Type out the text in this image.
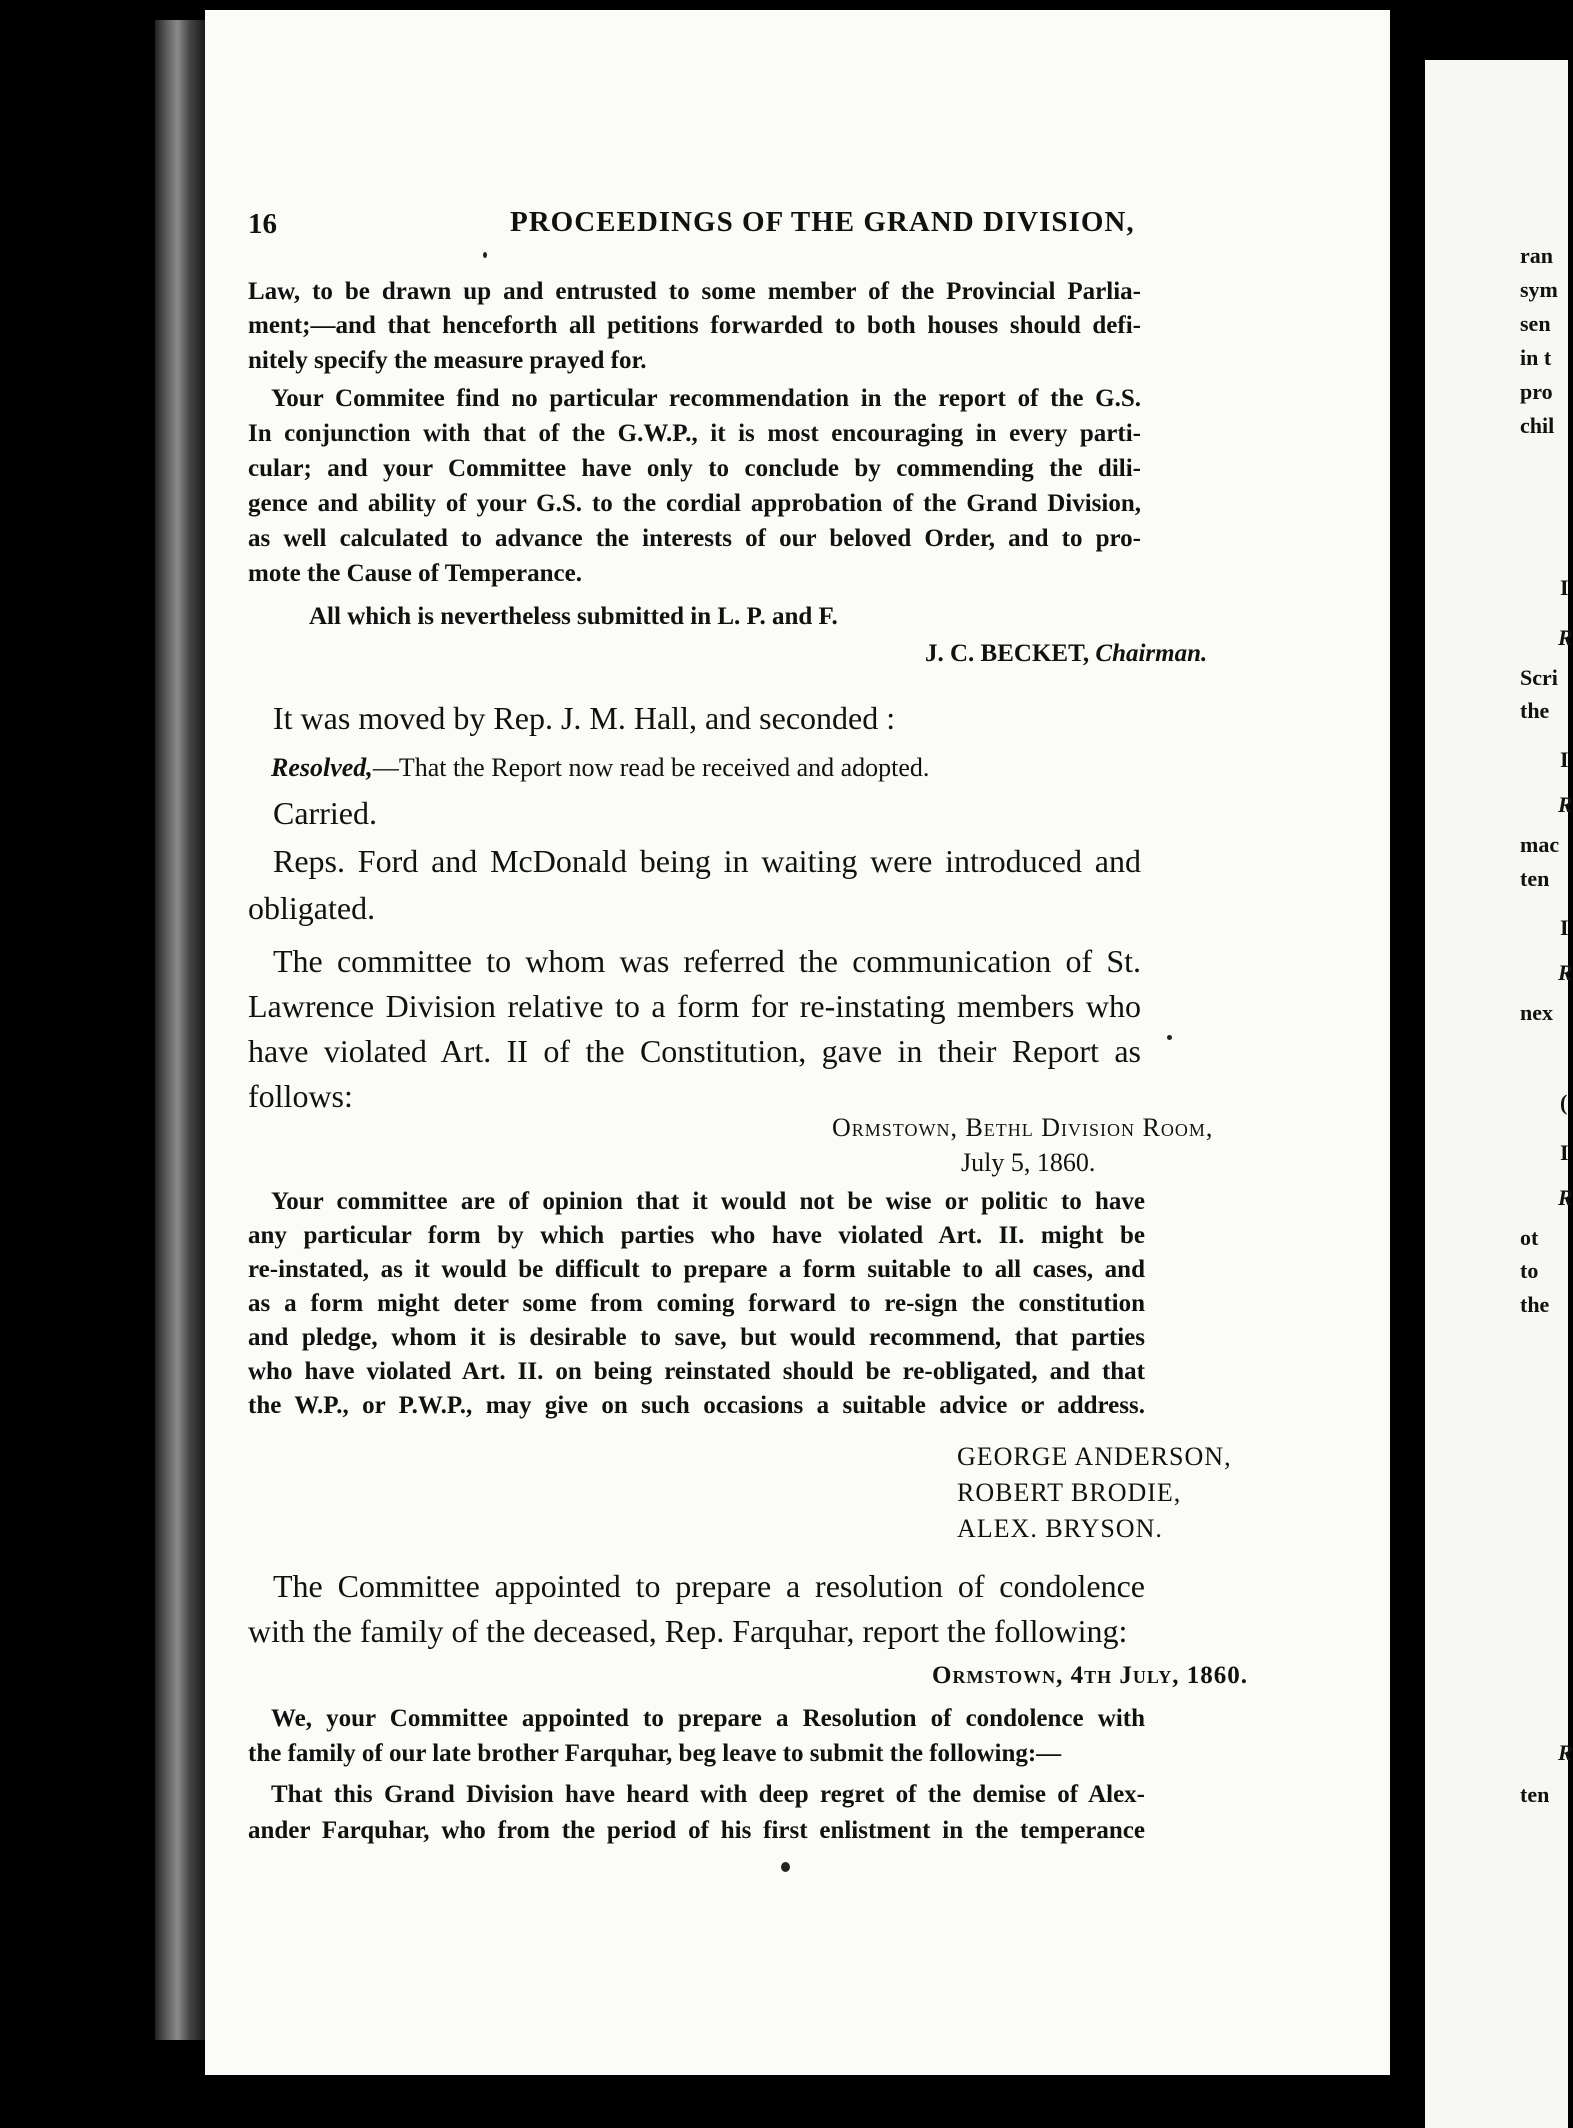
16	PROCEEDINGS OF THE GRAND DIVISION,
Law, to be drawn up and entrusted to some member of the Provincial Parlia-
ment;—and that henceforth all petitions forwarded to both houses should defi-
nitely specify the measure prayed for.
Your Commitee find no particular recommendation in the report of the G.S.
In conjunction with that of the G.W.P., it is most encouraging in every parti-
cular; and your Committee have only to conclude by commending the dili-
gence and ability of your G.S. to the cordial approbation of the Grand Division,
as well calculated to advance the interests of our beloved Order, and to pro-
mote the Cause of Temperance.
All which is nevertheless submitted in L. P. and F.
J. C. BECKET, Chairman.
It was moved by Rep. J. M. Hall, and seconded :
Resolved,—That the Report now read be received and adopted.
Carried.
Reps. Ford and McDonald being in waiting were introduced and
obligated.
The committee to whom was referred the communication of St.
Lawrence Division relative to a form for re-instating members who
have violated Art. II of the Constitution, gave in their Report as
follows:
Ormstown, Bethl Division Room,
July 5, 1860.
Your committee are of opinion that it would not be wise or politic to have
any particular form by which parties who have violated Art. II. might be
re-instated, as it would be difficult to prepare a form suitable to all cases, and
as a form might deter some from coming forward to re-sign the constitution
and pledge, whom it is desirable to save, but would recommend, that parties
who have violated Art. II. on being reinstated should be re-obligated, and that
the W.P., or P.W.P., may give on such occasions a suitable advice or address.
GEORGE ANDERSON,
ROBERT BRODIE,
ALEX. BRYSON.
The Committee appointed to prepare a resolution of condolence
with the family of the deceased, Rep. Farquhar, report the following:
Ormstown, 4th July, 1860.
We, your Committee appointed to prepare a Resolution of condolence with
the family of our late brother Farquhar, beg leave to submit the following:—
That this Grand Division have heard with deep regret of the demise of Alex-
ander Farquhar, who from the period of his first enlistment in the temperance
ran
sym
sen
in t
pro
chil
I
R
Scri
the
I
R
mac
ten
I
R
nex
(
I
R
ot
to
the
R
ten
